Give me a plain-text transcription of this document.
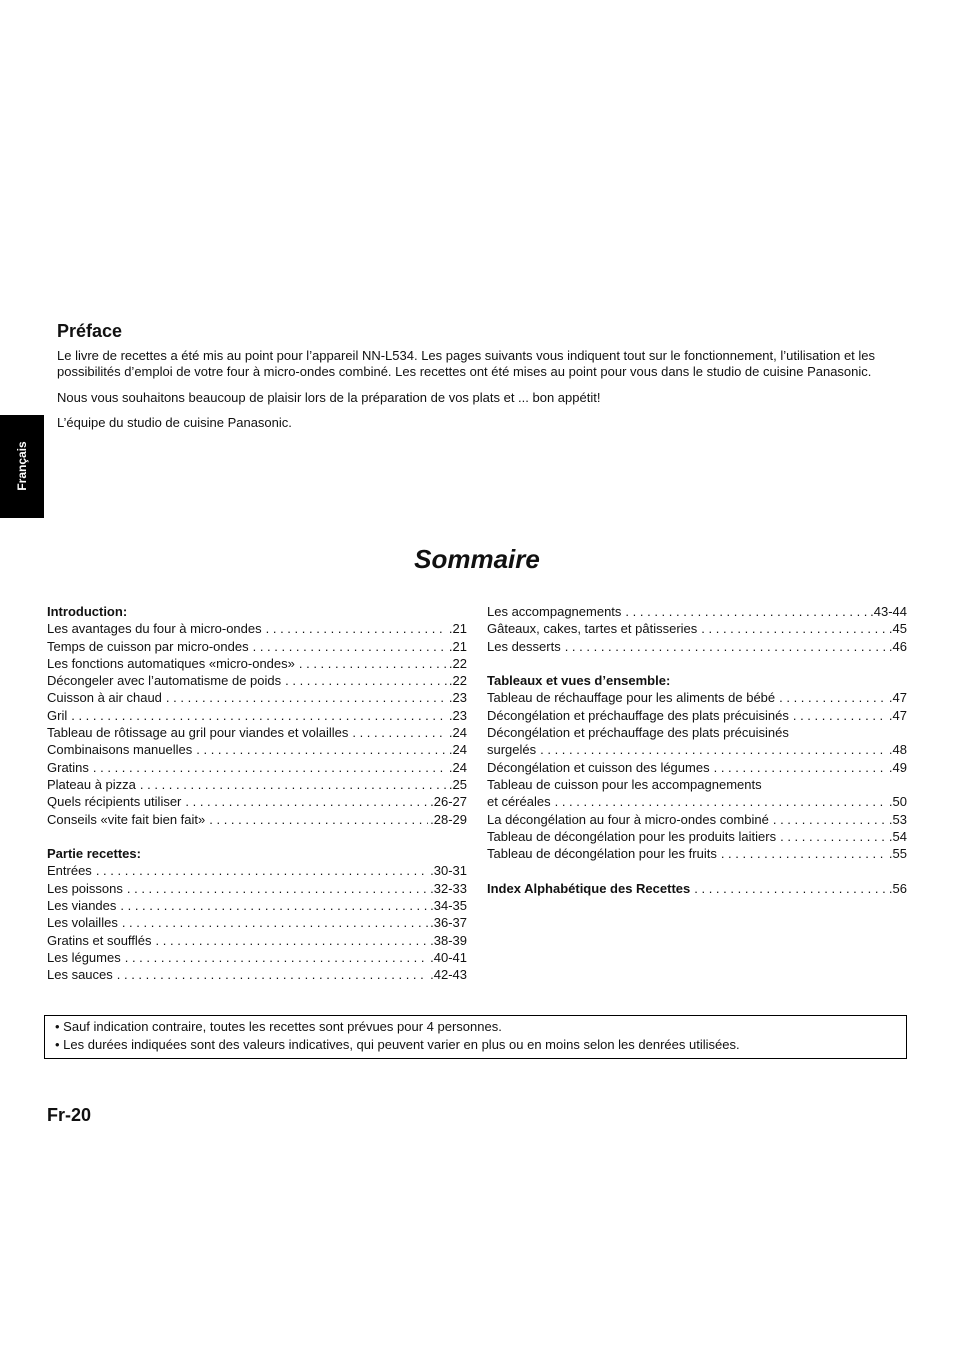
Français
Préface

Le livre de recettes a été mis au point pour l’appareil NN-L534. Les pages suivants vous indiquent tout sur le fonctionnement, l’utilisation et les possibilités d’emploi de votre four à micro-ondes combiné. Les recettes ont été mises au point pour vous dans le studio de cuisine Panasonic.

Nous vous souhaitons beaucoup de plaisir lors de la préparation de vos plats et ... bon appétit!

L’équipe du studio de cuisine Panasonic.

Sommaire
Introduction:
Les avantages du four à micro-ondes . . .	.21
Temps de cuisson par micro-ondes . . .	.21
Les fonctions automatiques «micro-ondes» . . .	.22
Décongeler avec l’automatisme de poids . . .	.22
Cuisson à air chaud . . .	.23
Gril . . .	.23
Tableau de rôtissage au gril pour viandes et volailles . . .	.24
Combinaisons manuelles . . .	.24
Gratins . . .	.24
Plateau à pizza . . .	.25
Quels récipients utiliser . . .	.26-27
Conseils «vite fait bien fait» . . .	.28-29
Partie recettes:
Entrées . . .	.30-31
Les poissons . . .	.32-33
Les viandes . . .	.34-35
Les volailles . . .	.36-37
Gratins et soufflés . . .	.38-39
Les légumes . . .	.40-41
Les sauces . . .	.42-43
Les accompagnements . . .	.43-44
Gâteaux, cakes, tartes et pâtisseries . . .	.45
Les desserts . . .	.46
Tableaux et vues d’ensemble:
Tableau de réchauffage pour les aliments de bébé . . .	.47
Décongélation et préchauffage des plats précuisinés . . .	.47
Décongélation et préchauffage des plats précuisinés
surgelés . . .	.48
Décongélation et cuisson des légumes . . .	.49
Tableau de cuisson pour les accompagnements
et céréales . . .	.50
La décongélation au four à micro-ondes combiné . . .	.53
Tableau de décongélation pour les produits laitiers . . .	.54
Tableau de décongélation pour les fruits . . .	.55
Index Alphabétique des Recettes . . .	.56
• Sauf indication contraire, toutes les recettes sont prévues pour 4 personnes.
• Les durées indiquées sont des valeurs indicatives, qui peuvent varier en plus ou en moins selon les denrées utilisées.
Fr-20
